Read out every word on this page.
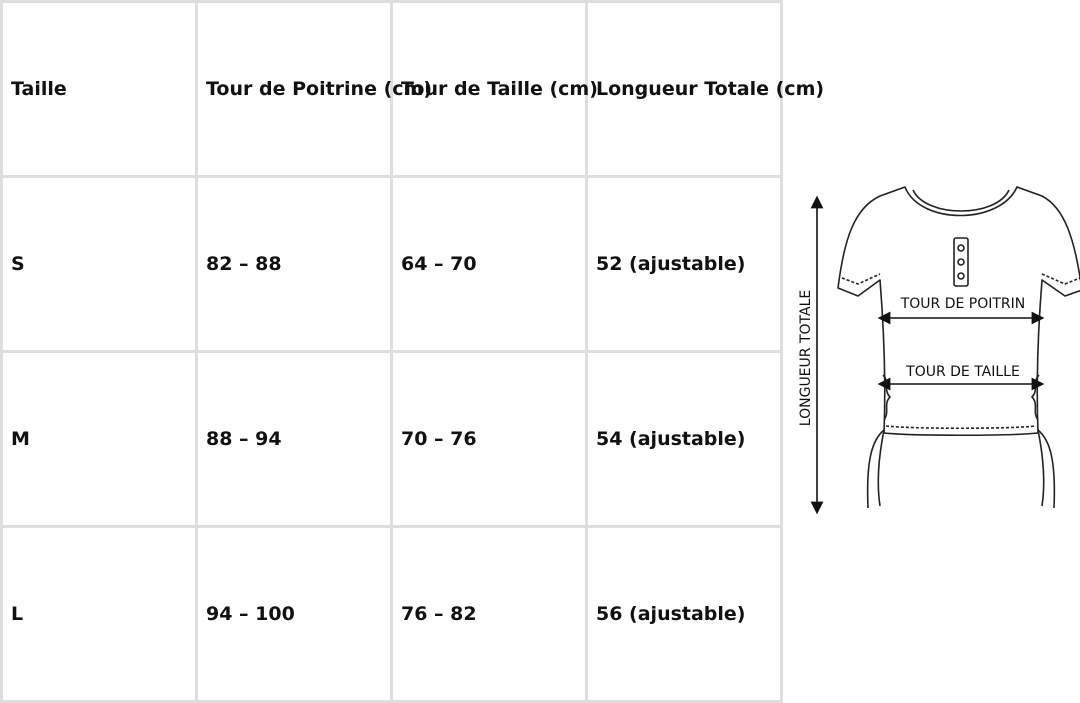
Taille	Tour de Poitrine (cm)	Tour de Taille (cm)	Longueur Totale (cm)
S	82 – 88	64 – 70	52 (ajustable)
M	88 – 94	70 – 76	54 (ajustable)
L	94 – 100	76 – 82	56 (ajustable)
LONGUEUR TOTALE	TOUR DE POITRIN
TOUR DE TAILLE
